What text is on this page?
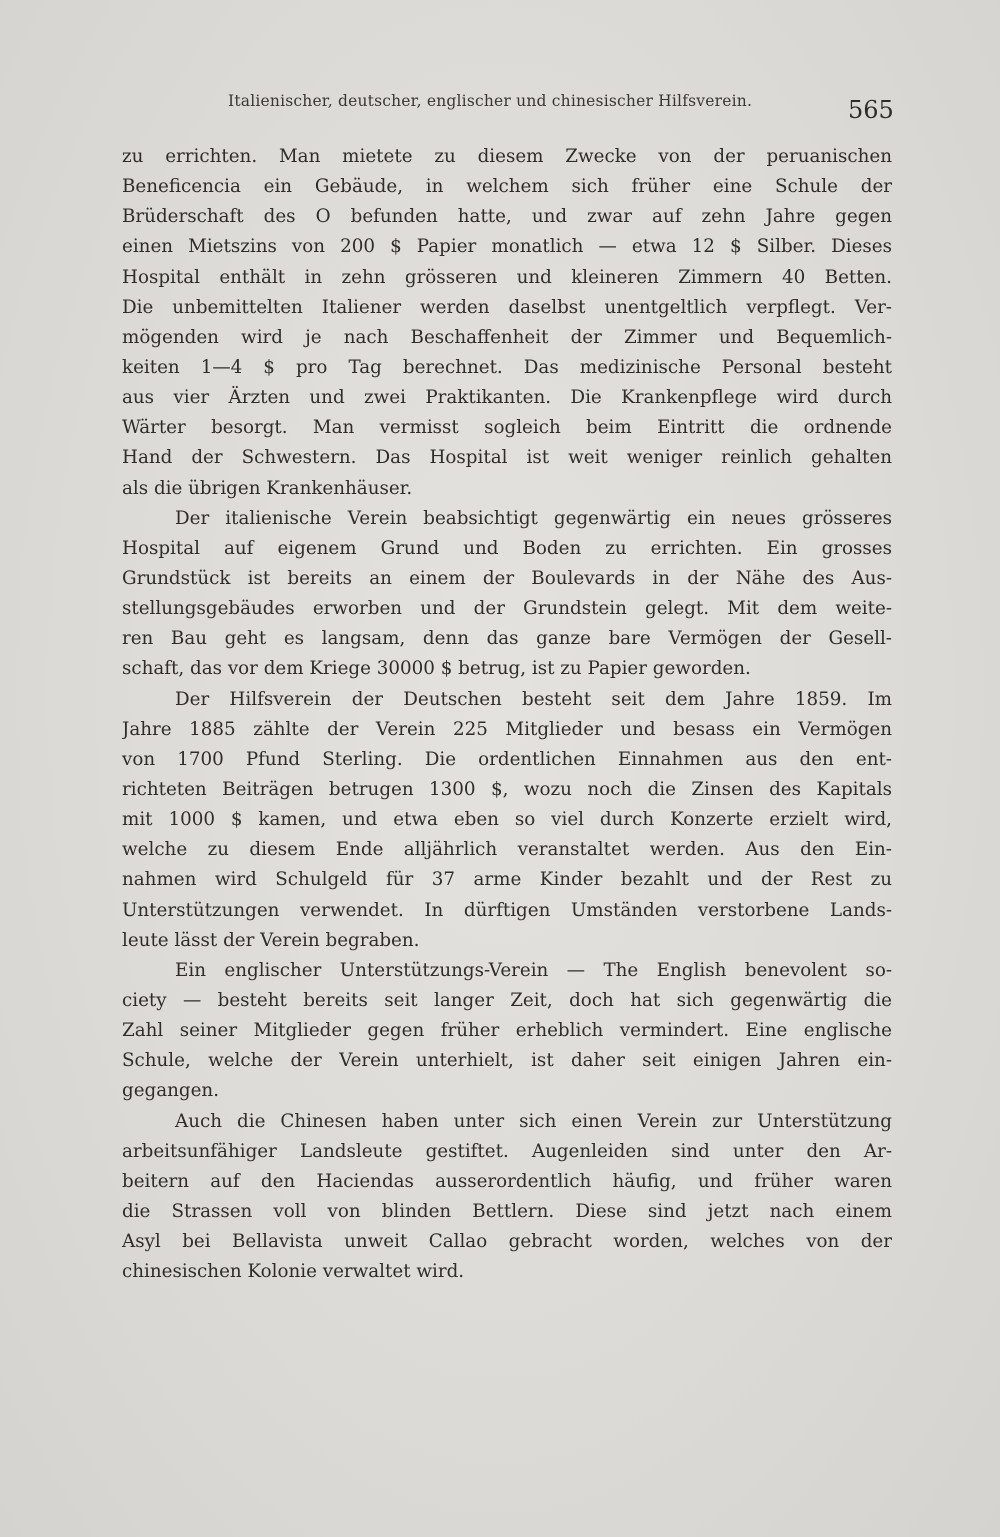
Italienischer, deutscher, englischer und chinesischer Hilfsverein.	565
zu errichten. Man mietete zu diesem Zwecke von der peruanischen
Beneficencia ein Gebäude, in welchem sich früher eine Schule der
Brüderschaft des O befunden hatte, und zwar auf zehn Jahre gegen
einen Mietszins von 200 $ Papier monatlich — etwa 12 $ Silber. Dieses
Hospital enthält in zehn grösseren und kleineren Zimmern 40 Betten.
Die unbemittelten Italiener werden daselbst unentgeltlich verpflegt. Ver-
mögenden wird je nach Beschaffenheit der Zimmer und Bequemlich-
keiten 1—4 $ pro Tag berechnet. Das medizinische Personal besteht
aus vier Ärzten und zwei Praktikanten. Die Krankenpflege wird durch
Wärter besorgt. Man vermisst sogleich beim Eintritt die ordnende
Hand der Schwestern. Das Hospital ist weit weniger reinlich gehalten
als die übrigen Krankenhäuser.
Der italienische Verein beabsichtigt gegenwärtig ein neues grösseres
Hospital auf eigenem Grund und Boden zu errichten. Ein grosses
Grundstück ist bereits an einem der Boulevards in der Nähe des Aus-
stellungsgebäudes erworben und der Grundstein gelegt. Mit dem weite-
ren Bau geht es langsam, denn das ganze bare Vermögen der Gesell-
schaft, das vor dem Kriege 30000 $ betrug, ist zu Papier geworden.
Der Hilfsverein der Deutschen besteht seit dem Jahre 1859. Im
Jahre 1885 zählte der Verein 225 Mitglieder und besass ein Vermögen
von 1700 Pfund Sterling. Die ordentlichen Einnahmen aus den ent-
richteten Beiträgen betrugen 1300 $, wozu noch die Zinsen des Kapitals
mit 1000 $ kamen, und etwa eben so viel durch Konzerte erzielt wird,
welche zu diesem Ende alljährlich veranstaltet werden. Aus den Ein-
nahmen wird Schulgeld für 37 arme Kinder bezahlt und der Rest zu
Unterstützungen verwendet. In dürftigen Umständen verstorbene Lands-
leute lässt der Verein begraben.
Ein englischer Unterstützungs-Verein — The English benevolent so-
ciety — besteht bereits seit langer Zeit, doch hat sich gegenwärtig die
Zahl seiner Mitglieder gegen früher erheblich vermindert. Eine englische
Schule, welche der Verein unterhielt, ist daher seit einigen Jahren ein-
gegangen.
Auch die Chinesen haben unter sich einen Verein zur Unterstützung
arbeitsunfähiger Landsleute gestiftet. Augenleiden sind unter den Ar-
beitern auf den Haciendas ausserordentlich häufig, und früher waren
die Strassen voll von blinden Bettlern. Diese sind jetzt nach einem
Asyl bei Bellavista unweit Callao gebracht worden, welches von der
chinesischen Kolonie verwaltet wird.
